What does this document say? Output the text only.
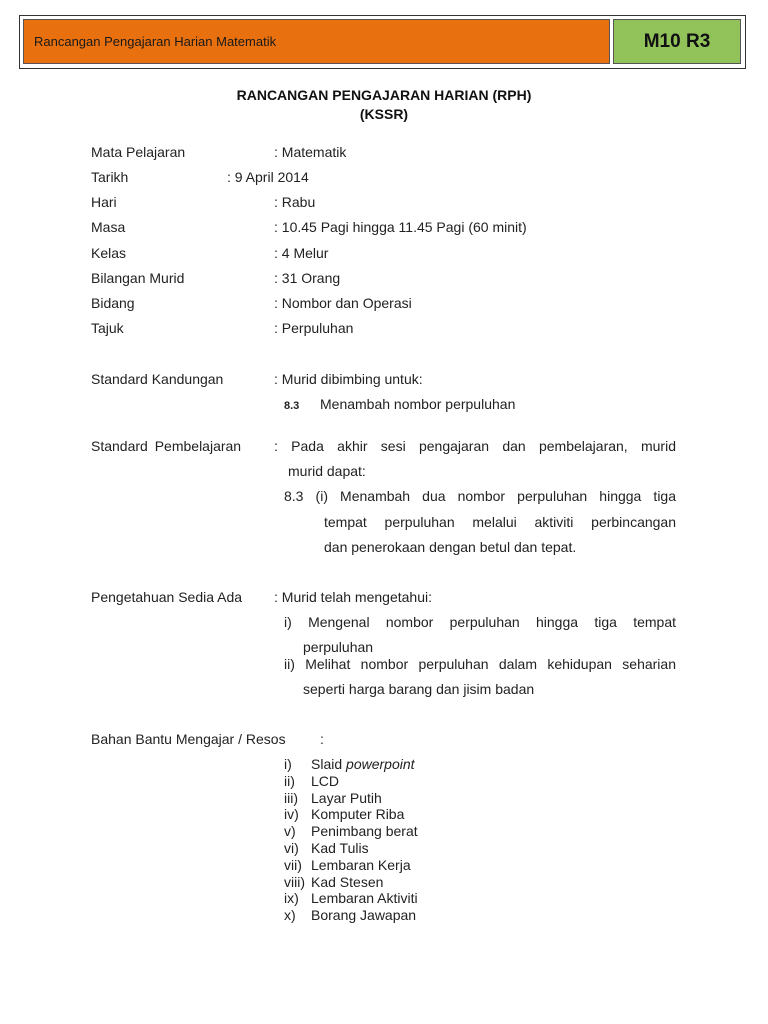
Rancangan Pengajaran Harian Matematik	M10 R3
RANCANGAN PENGAJARAN HARIAN (RPH)
(KSSR)
Mata Pelajaran	: Matematik
Tarikh	: 9 April 2014
Hari	: Rabu
Masa	: 10.45 Pagi hingga 11.45 Pagi (60 minit)
Kelas	: 4 Melur
Bilangan Murid	: 31 Orang
Bidang	: Nombor dan Operasi
Tajuk	: Perpuluhan
Standard Kandungan	: Murid dibimbing untuk:
8.3 Menambah nombor perpuluhan
Standard Pembelajaran : Pada akhir sesi pengajaran dan pembelajaran, murid
murid dapat:
8.3 (i) Menambah dua nombor perpuluhan hingga tiga
tempat perpuluhan melalui aktiviti perbincangan
dan penerokaan dengan betul dan tepat.
Pengetahuan Sedia Ada : Murid telah mengetahui:
i) Mengenal nombor perpuluhan hingga tiga tempat
perpuluhan
ii) Melihat nombor perpuluhan dalam kehidupan seharian
seperti harga barang dan jisim badan
Bahan Bantu Mengajar / Resos :
i)	Slaid powerpoint
ii)	LCD
iii) Layar Putih
iv) Komputer Riba
v)	Penimbang berat
vi) Kad Tulis
vii) Lembaran Kerja
viii) Kad Stesen
ix) Lembaran Aktiviti
x)	Borang Jawapan
